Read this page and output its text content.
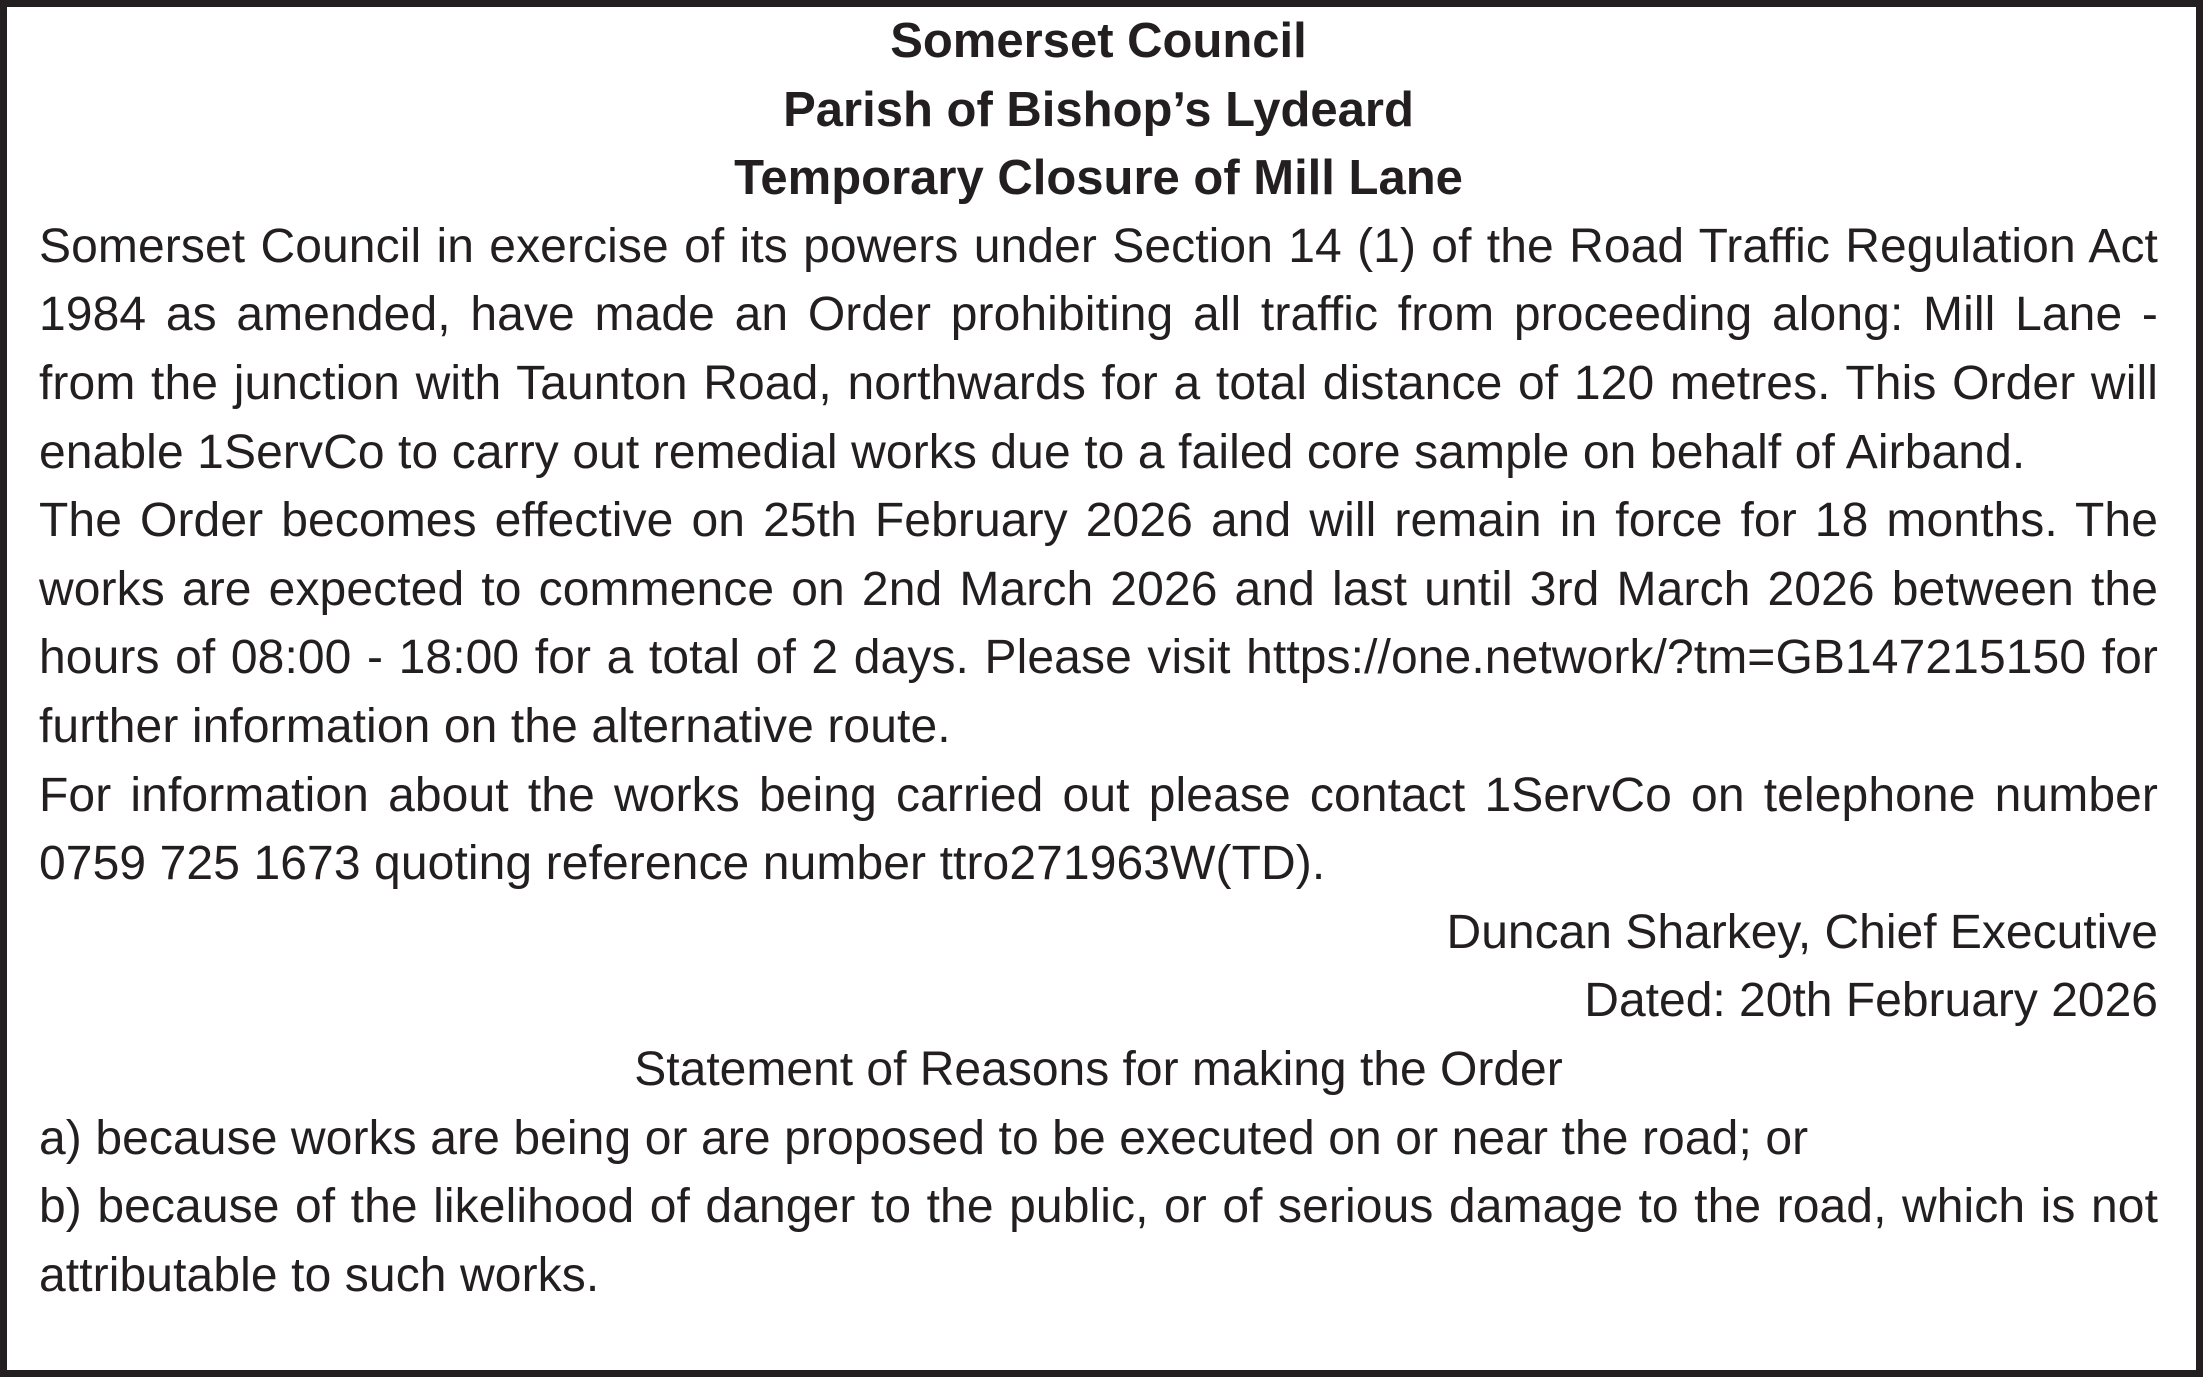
Somerset Council
Parish of Bishop’s Lydeard
Temporary Closure of Mill Lane

Somerset Council in exercise of its powers under Section 14 (1) of the Road Traffic Regulation Act 1984 as amended, have made an Order prohibiting all traffic from proceeding along: Mill Lane - from the junction with Taunton Road, northwards for a total distance of 120 metres. This Order will enable 1ServCo to carry out remedial works due to a failed core sample on behalf of Airband.

The Order becomes effective on 25th February 2026 and will remain in force for 18 months. The works are expected to commence on 2nd March 2026 and last until 3rd March 2026 between the hours of 08:00 - 18:00 for a total of 2 days. Please visit https://one.network/?tm=GB147215150 for further information on the alternative route.

For information about the works being carried out please contact 1ServCo on telephone number 0759 725 1673 quoting reference number ttro271963W(TD).

Duncan Sharkey, Chief Executive
Dated: 20th February 2026
Statement of Reasons for making the Order

a) because works are being or are proposed to be executed on or near the road; or

b) because of the likelihood of danger to the public, or of serious damage to the road, which is not attributable to such works.
